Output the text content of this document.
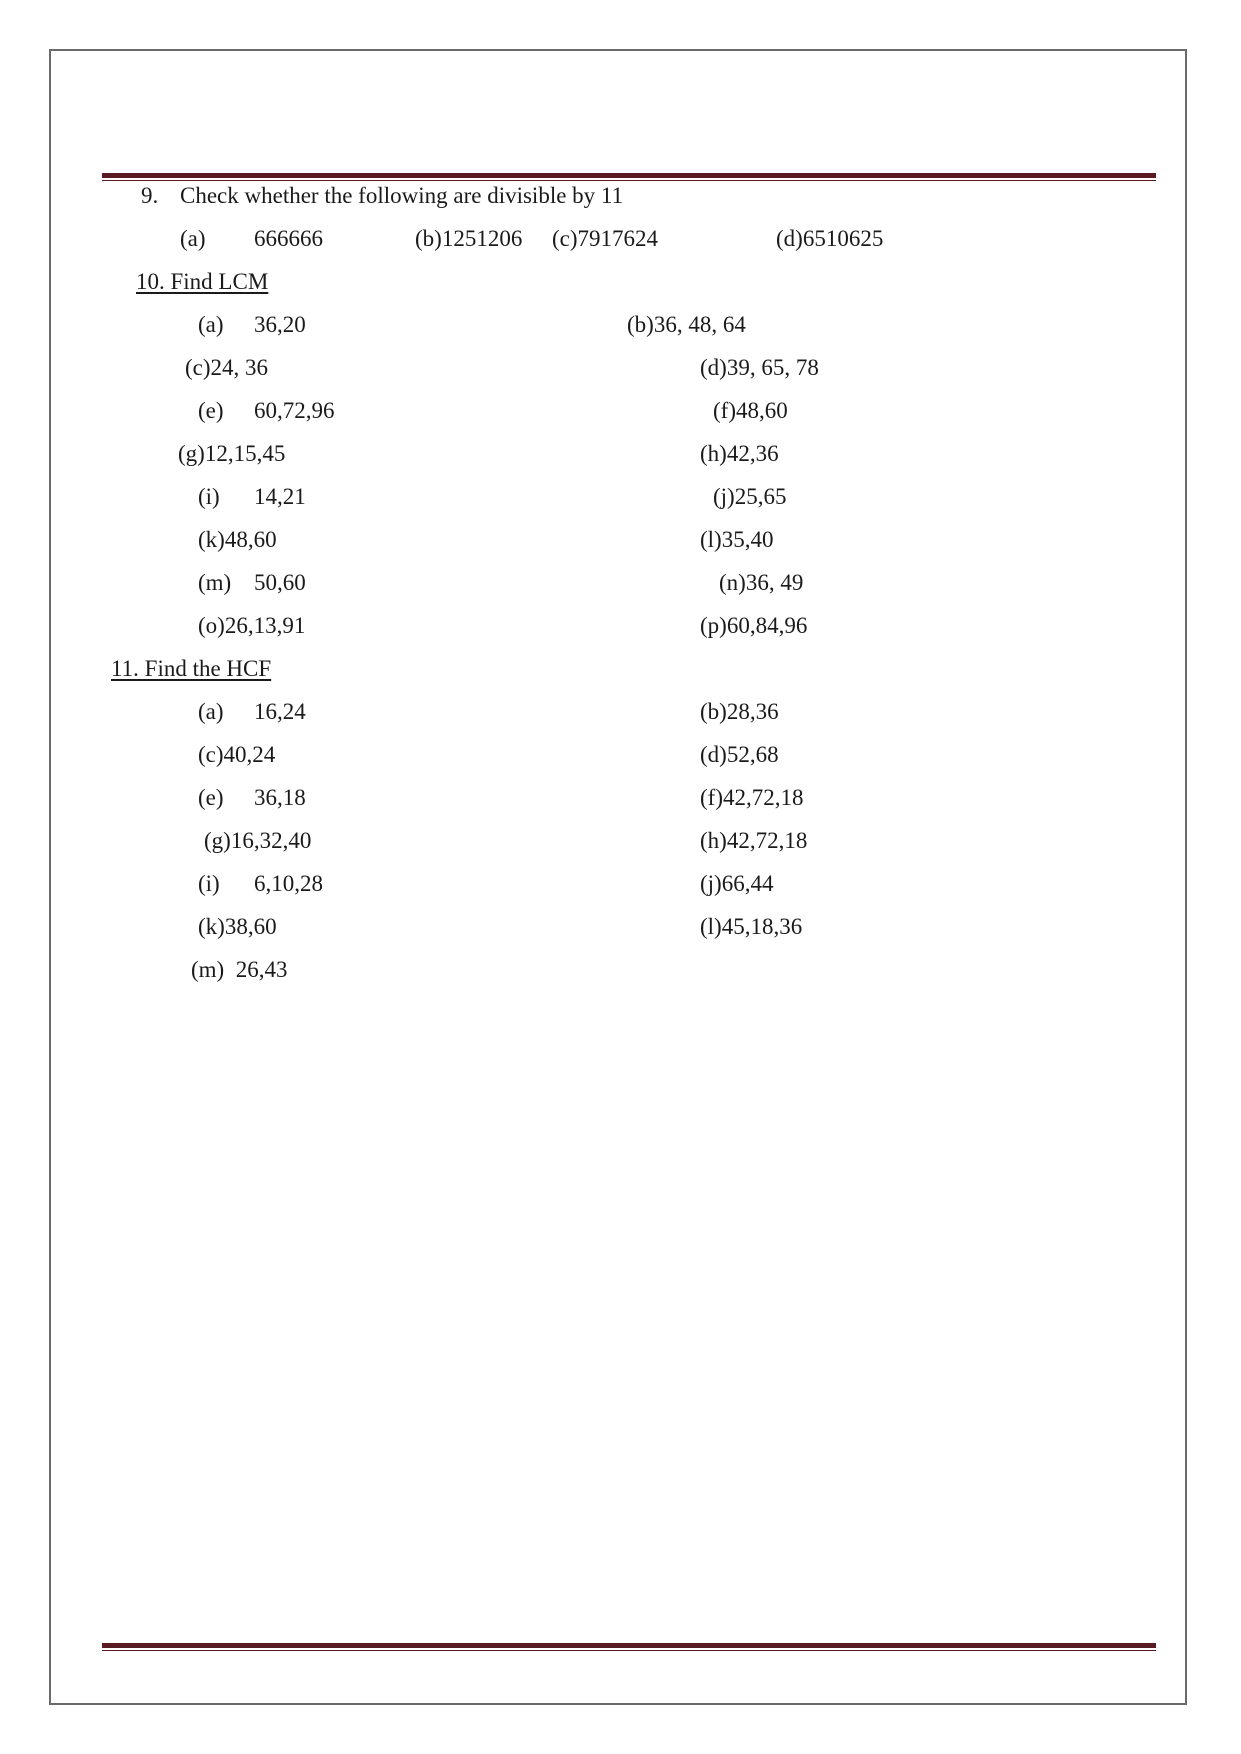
9. Check whether the following are divisible by 11
(a) 666666	(b)1251206 (c)7917624	(d)6510625
10. Find LCM
(a) 36,20	(b)36, 48, 64
(c)24, 36	(d)39, 65, 78
(e) 60,72,96	(f)48,60
(g)12,15,45	(h)42,36
(i) 14,21	(j)25,65
(k)48,60	(l)35,40
(m) 50,60	(n)36, 49
(o)26,13,91	(p)60,84,96
11. Find the HCF
(a) 16,24	(b)28,36
(c)40,24	(d)52,68
(e) 36,18	(f)42,72,18
(g)16,32,40	(h)42,72,18
(i) 6,10,28	(j)66,44
(k)38,60	(l)45,18,36
(m)  26,43
